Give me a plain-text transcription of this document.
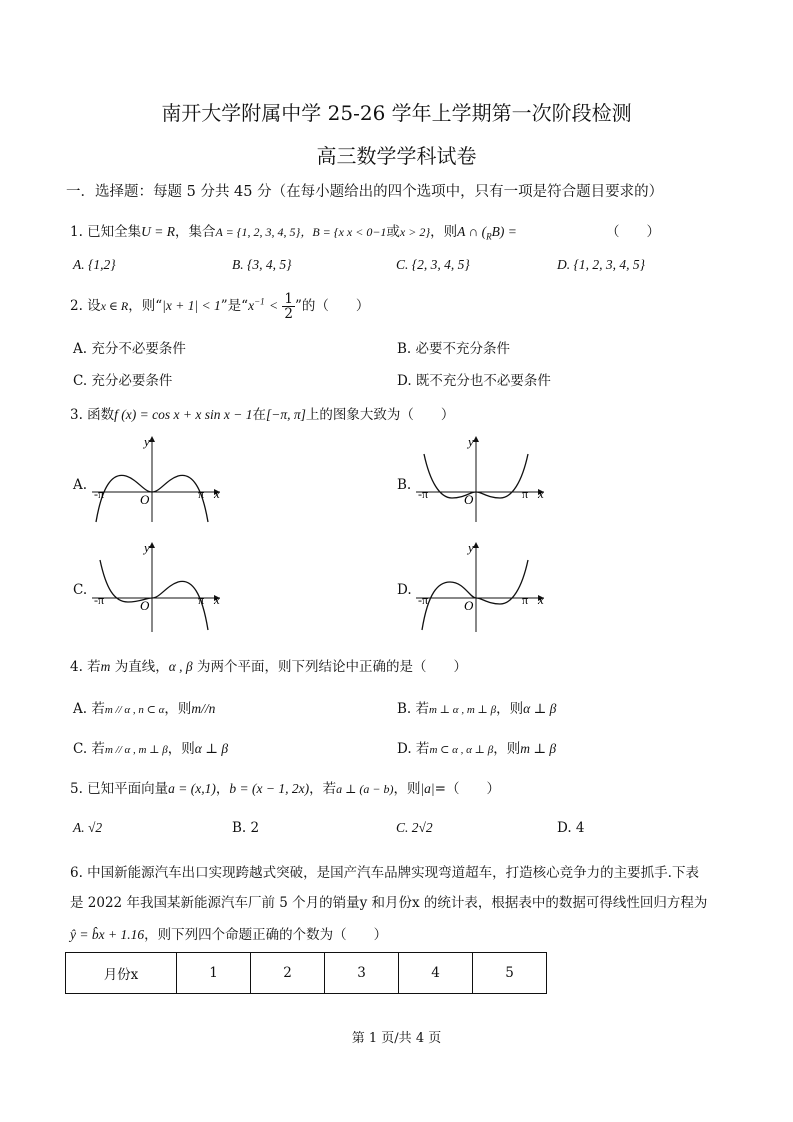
南开大学附属中学 25-26 学年上学期第一次阶段检测
高三数学学科试卷
一．选择题：每题 5 分共 45 分（在每小题给出的四个选项中，只有一项是符合题目要求的）
1. 已知全集U = R，集合A = {1, 2, 3, 4, 5}，B = {x x < 0−1或x > 2}，则A ∩ $(_RB)$ =	（　　）
A. {1,2}	B. {3, 4, 5}	C. {2, 3, 4, 5}	D. {1, 2, 3, 4, 5}
2. 设x ∈ R，则“|x + 1| < 1”是“$x^{-1} < \frac{1}{2}$ ”的（　　）
A. 充分不必要条件	B. 必要不充分条件
C. 充分必要条件	D. 既不充分也不必要条件
3. 函数f (x) = cos x + x sin x − 1在[−π, π]上的图象大致为（　　）
A.
y
x
O
-π	π
B.
y
x
O
-π	π
C.
y
x
O
-π	π
D.
y
x
O
-π	π
4. 若m 为直线，α , β 为两个平面，则下列结论中正确的是（　　）
A. 若m // α , n ⊂ α，则m//n	B. 若m ⊥ α , m ⊥ β，则α ⊥ β
C. 若m // α , m ⊥ β，则α ⊥ β	D. 若m ⊂ α , α ⊥ β，则m ⊥ β
5. 已知平面向量a = (x,1)，b = (x − 1, 2x)，若a ⊥ (a − b)，则|a|=（　　）
A. √2	B. 2	C. 2√2	D. 4
6. 中国新能源汽车出口实现跨越式突破，是国产汽车品牌实现弯道超车，打造核心竞争力的主要抓手.下表
是 2022 年我国某新能源汽车厂前 5 个月的销量y 和月份x 的统计表，根据表中的数据可得线性回归方程为
ŷ = b̂x + 1.16，则下列四个命题正确的个数为（　　）
月份x	1	2	3	4	5
第 1 页/共 4 页
